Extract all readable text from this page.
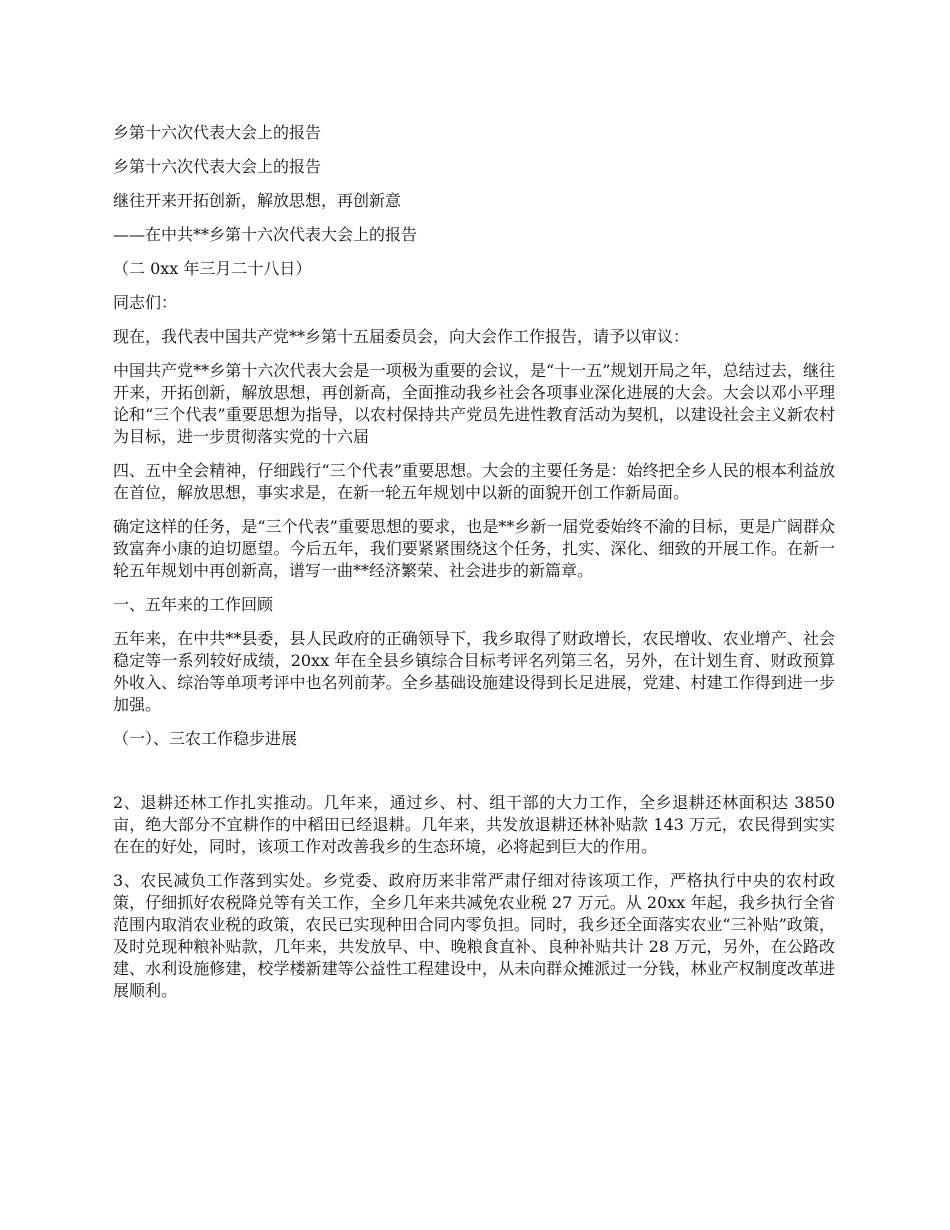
乡第十六次代表大会上的报告

乡第十六次代表大会上的报告

继往开来开拓创新，解放思想，再创新意

——在中共**乡第十六次代表大会上的报告

（二 0xx 年三月二十八日）

同志们：

现在，我代表中国共产党**乡第十五届委员会，向大会作工作报告，请予以审议：

中国共产党**乡第十六次代表大会是一项极为重要的会议，是“十一五”规划开局之年，总结过去，继往开来，开拓创新，解放思想，再创新高，全面推动我乡社会各项事业深化进展的大会。大会以邓小平理论和“三个代表”重要思想为指导，以农村保持共产党员先进性教育活动为契机，以建设社会主义新农村为目标，进一步贯彻落实党的十六届

四、五中全会精神，仔细践行“三个代表”重要思想。大会的主要任务是：始终把全乡人民的根本利益放在首位，解放思想，事实求是，在新一轮五年规划中以新的面貌开创工作新局面。

确定这样的任务，是“三个代表”重要思想的要求，也是**乡新一届党委始终不渝的目标，更是广阔群众致富奔小康的迫切愿望。今后五年，我们要紧紧围绕这个任务，扎实、深化、细致的开展工作。在新一轮五年规划中再创新高，谱写一曲**经济繁荣、社会进步的新篇章。

一、五年来的工作回顾

五年来，在中共**县委，县人民政府的正确领导下，我乡取得了财政增长，农民增收、农业增产、社会稳定等一系列较好成绩，20xx 年在全县乡镇综合目标考评名列第三名，另外，在计划生育、财政预算外收入、综治等单项考评中也名列前茅。全乡基础设施建设得到长足进展，党建、村建工作得到进一步加强。

（一）、三农工作稳步进展

2、退耕还林工作扎实推动。几年来，通过乡、村、组干部的大力工作，全乡退耕还林面积达 3850 亩，绝大部分不宜耕作的中稻田已经退耕。几年来，共发放退耕还林补贴款 143 万元，农民得到实实在在的好处，同时，该项工作对改善我乡的生态环境，必将起到巨大的作用。

3、农民减负工作落到实处。乡党委、政府历来非常严肃仔细对待该项工作，严格执行中央的农村政策，仔细抓好农税降兑等有关工作，全乡几年来共减免农业税 27 万元。从 20xx 年起，我乡执行全省范围内取消农业税的政策，农民已实现种田合同内零负担。同时，我乡还全面落实农业“三补贴”政策，及时兑现种粮补贴款，几年来，共发放早、中、晚粮食直补、良种补贴共计 28 万元，另外，在公路改建、水利设施修建，校学楼新建等公益性工程建设中，从未向群众摊派过一分钱，林业产权制度改革进展顺利。
